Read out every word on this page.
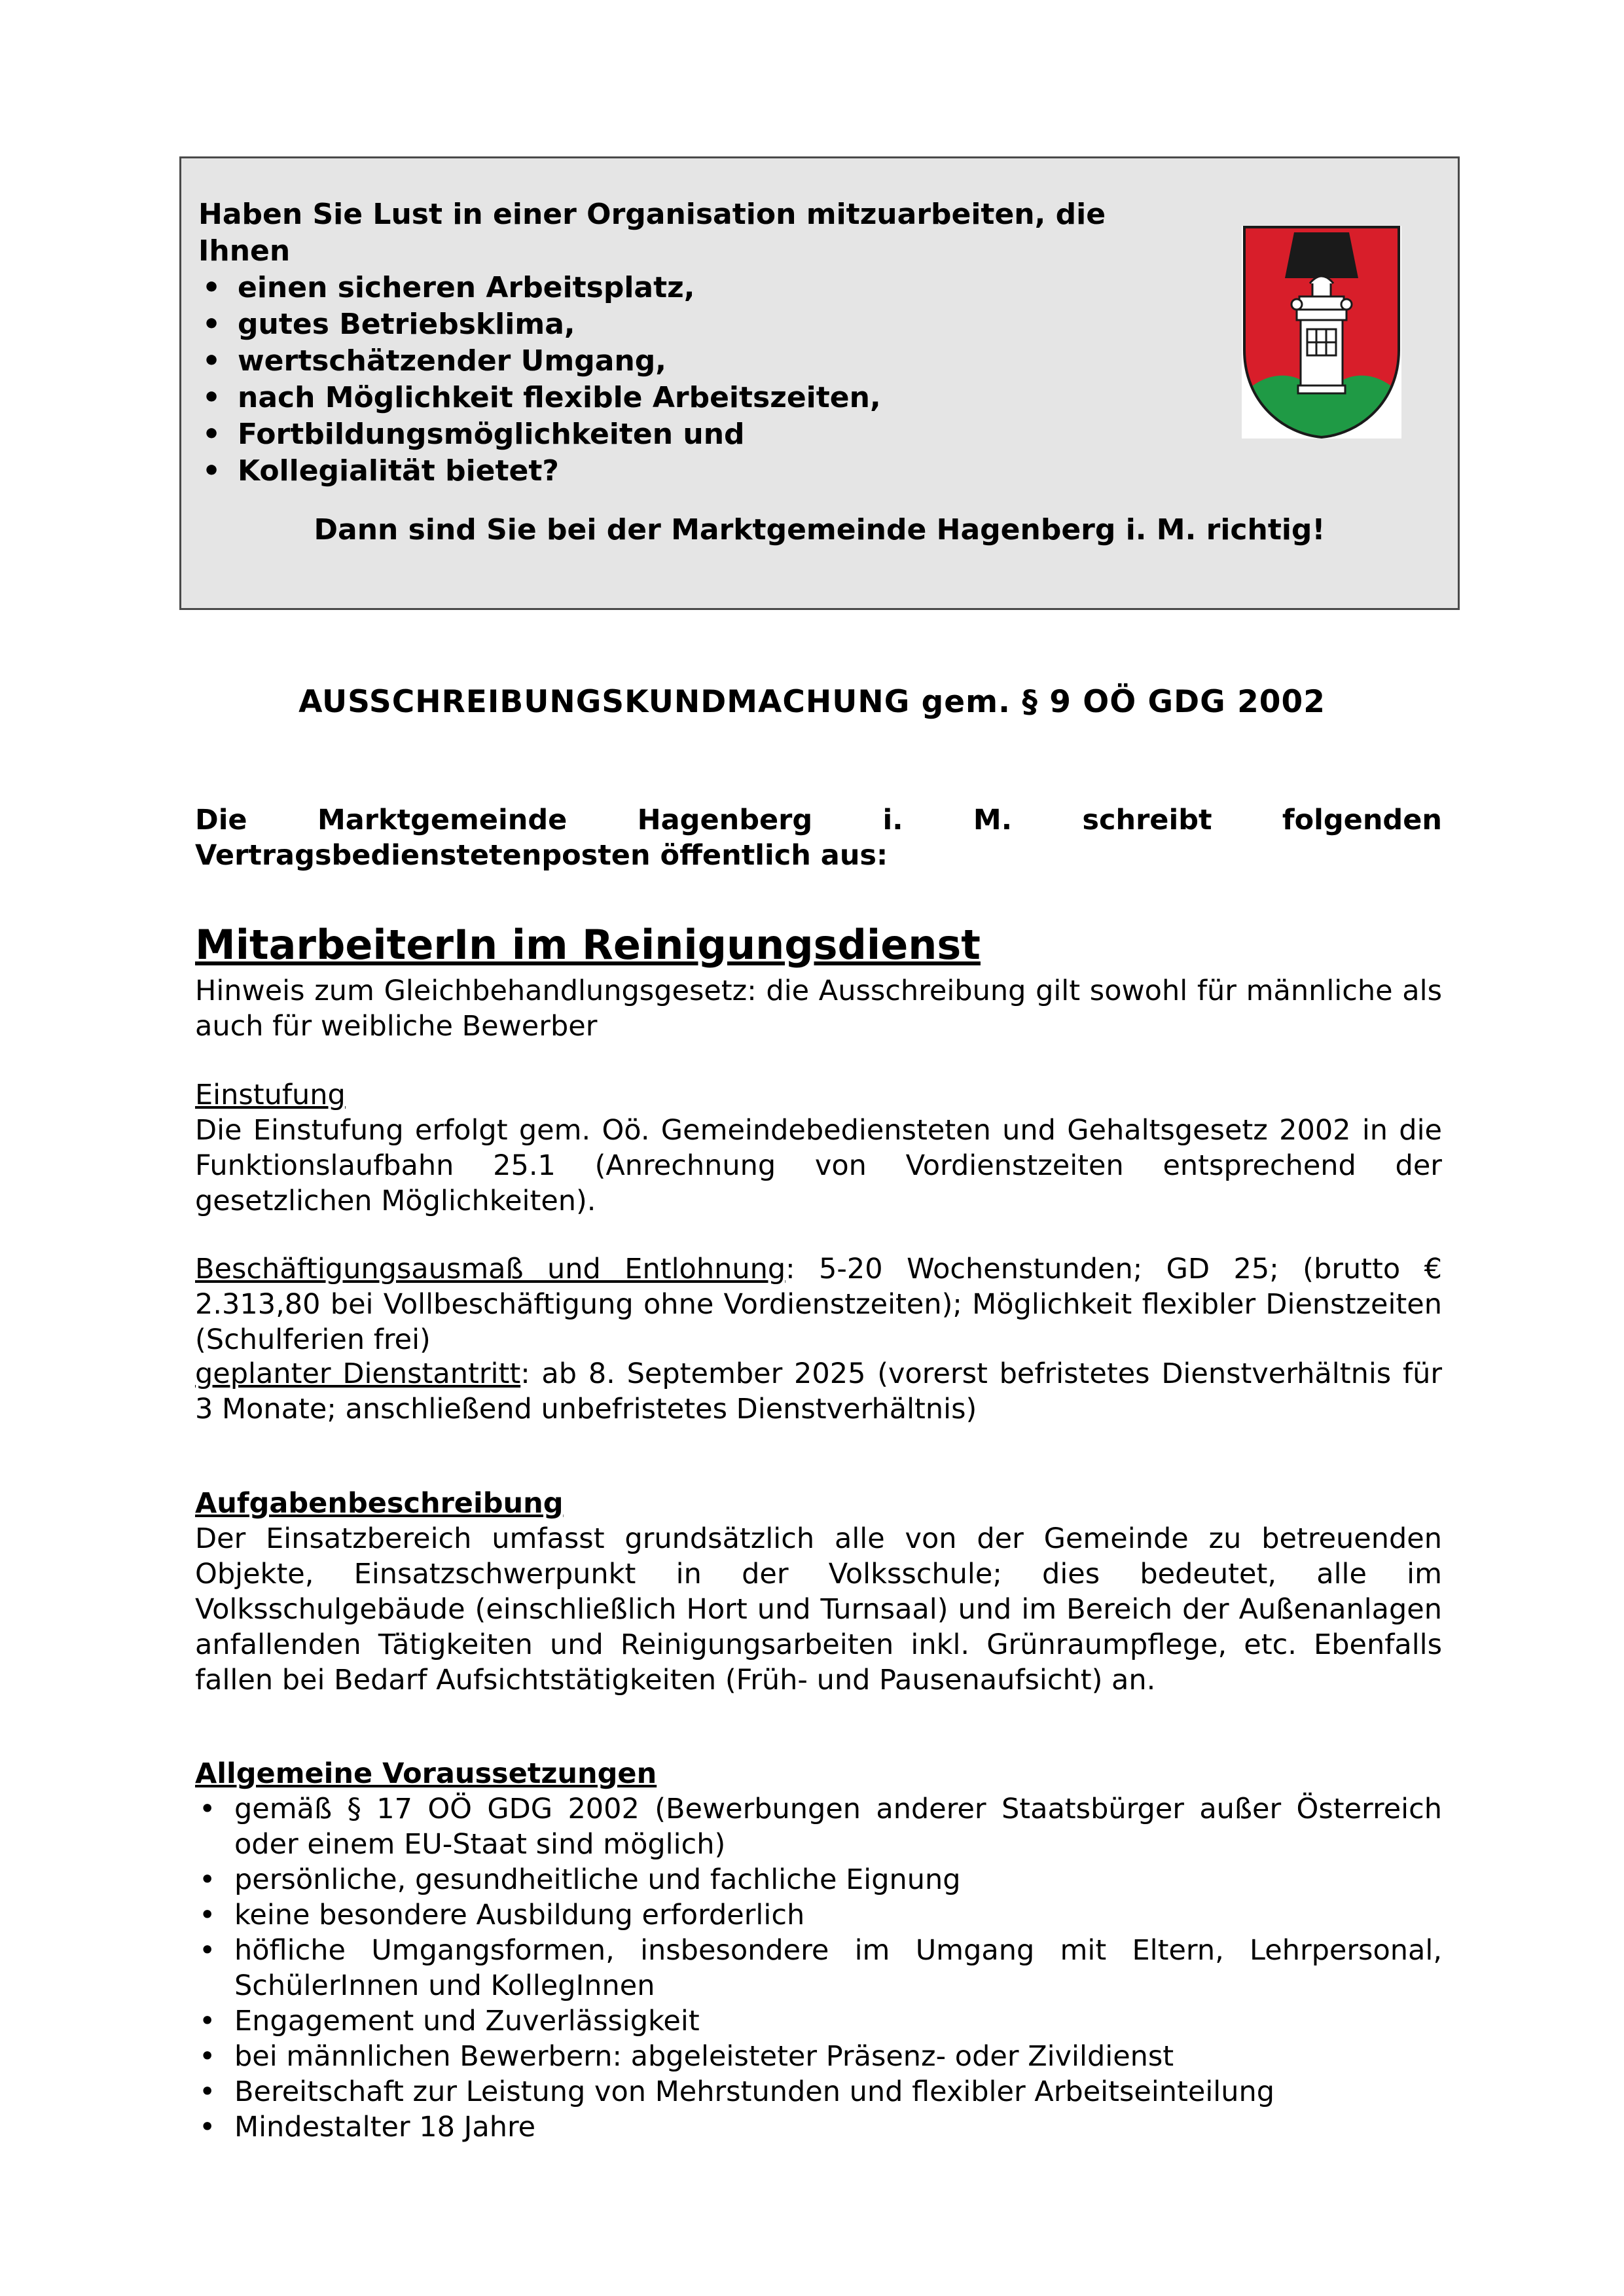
Haben Sie Lust in einer Organisation mitzuarbeiten, die Ihnen
• einen sicheren Arbeitsplatz,
• gutes Betriebsklima,
• wertschätzender Umgang,
• nach Möglichkeit flexible Arbeitszeiten,
• Fortbildungsmöglichkeiten und
• Kollegialität bietet?
Dann sind Sie bei der Marktgemeinde Hagenberg i. M. richtig!
AUSSCHREIBUNGSKUNDMACHUNG gem. § 9 OÖ GDG 2002
Die Marktgemeinde Hagenberg i. M. schreibt folgenden Vertragsbedienstetenposten öffentlich aus:
MitarbeiterIn im Reinigungsdienst
Hinweis zum Gleichbehandlungsgesetz: die Ausschreibung gilt sowohl für männliche als auch für weibliche Bewerber
Einstufung
Die Einstufung erfolgt gem. Oö. Gemeindebediensteten und Gehaltsgesetz 2002 in die Funktionslaufbahn 25.1 (Anrechnung von Vordienstzeiten entsprechend der gesetzlichen Möglichkeiten).
Beschäftigungsausmaß und Entlohnung: 5-20 Wochenstunden; GD 25; (brutto € 2.313,80 bei Vollbeschäftigung ohne Vordienstzeiten); Möglichkeit flexibler Dienstzeiten (Schulferien frei)
geplanter Dienstantritt: ab 8. September 2025 (vorerst befristetes Dienstverhältnis für 3 Monate; anschließend unbefristetes Dienstverhältnis)
Aufgabenbeschreibung
Der Einsatzbereich umfasst grundsätzlich alle von der Gemeinde zu betreuenden Objekte, Einsatzschwerpunkt in der Volksschule; dies bedeutet, alle im Volksschulgebäude (einschließlich Hort und Turnsaal) und im Bereich der Außenanlagen anfallenden Tätigkeiten und Reinigungsarbeiten inkl. Grünraumpflege, etc. Ebenfalls fallen bei Bedarf Aufsichtstätigkeiten (Früh- und Pausenaufsicht) an.
Allgemeine Voraussetzungen
• gemäß § 17 OÖ GDG 2002 (Bewerbungen anderer Staatsbürger außer Österreich oder einem EU-Staat sind möglich)
• persönliche, gesundheitliche und fachliche Eignung
• keine besondere Ausbildung erforderlich
• höfliche Umgangsformen, insbesondere im Umgang mit Eltern, Lehrpersonal, SchülerInnen und KollegInnen
• Engagement und Zuverlässigkeit
• bei männlichen Bewerbern: abgeleisteter Präsenz- oder Zivildienst
• Bereitschaft zur Leistung von Mehrstunden und flexibler Arbeitseinteilung
• Mindestalter 18 Jahre
